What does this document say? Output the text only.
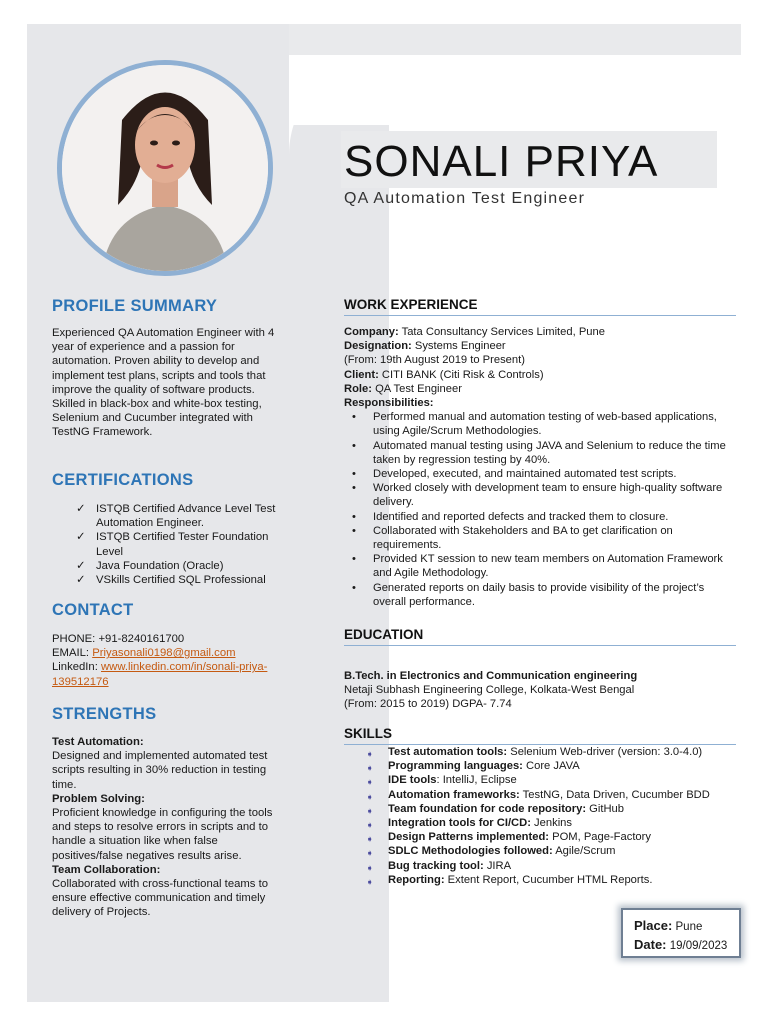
PROFILE SUMMARY

Experienced QA Automation Engineer with 4 year of experience and a passion for automation. Proven ability to develop and implement test plans, scripts and tools that improve the quality of software products. Skilled in black-box and white-box testing, Selenium and Cucumber integrated with TestNG Framework.

CERTIFICATIONS
✓ ISTQB Certified Advance Level Test Automation Engineer.
✓ ISTQB Certified Tester Foundation Level
✓ Java Foundation (Oracle)
✓ VSkills Certified SQL Professional
CONTACT
PHONE: +91-8240161700
EMAIL: Priyasonali0198@gmail.com
LinkedIn: www.linkedin.com/in/sonali-priya- 139512176
STRENGTHS
Test Automation:
Designed and implemented automated test scripts resulting in 30% reduction in testing time.
Problem Solving:
Proficient knowledge in configuring the tools and steps to resolve errors in scripts and to handle a situation like when false positives/false negatives results arise.
Team Collaboration:
Collaborated with cross-functional teams to ensure effective communication and timely delivery of Projects.
SONALI PRIYA
QA Automation Test Engineer
WORK EXPERIENCE
Company: Tata Consultancy Services Limited, Pune
Designation: Systems Engineer
(From: 19th August 2019 to Present)
Client: CITI BANK (Citi Risk & Controls)
Role: QA Test Engineer
Responsibilities:
• Performed manual and automation testing of web-based applications, using Agile/Scrum Methodologies.
• Automated manual testing using JAVA and Selenium to reduce the time taken by regression testing by 40%.
• Developed, executed, and maintained automated test scripts.
• Worked closely with development team to ensure high-quality software delivery.
• Identified and reported defects and tracked them to closure.
• Collaborated with Stakeholders and BA to get clarification on requirements.
• Provided KT session to new team members on Automation Framework and Agile Methodology.
• Generated reports on daily basis to provide visibility of the project’s overall performance.
EDUCATION
B.Tech. in Electronics and Communication engineering
Netaji Subhash Engineering College, Kolkata-West Bengal
(From: 2015 to 2019) DGPA- 7.74
SKILLS
➧ Test automation tools: Selenium Web-driver (version: 3.0-4.0)
➧ Programming languages: Core JAVA
➧ IDE tools: IntelliJ, Eclipse
➧ Automation frameworks: TestNG, Data Driven, Cucumber BDD
➧ Team foundation for code repository: GitHub
➧ Integration tools for CI/CD: Jenkins
➧ Design Patterns implemented: POM, Page-Factory
➧ SDLC Methodologies followed: Agile/Scrum
➧ Bug tracking tool: JIRA
➧ Reporting: Extent Report, Cucumber HTML Reports.
Place: Pune
Date: 19/09/2023
